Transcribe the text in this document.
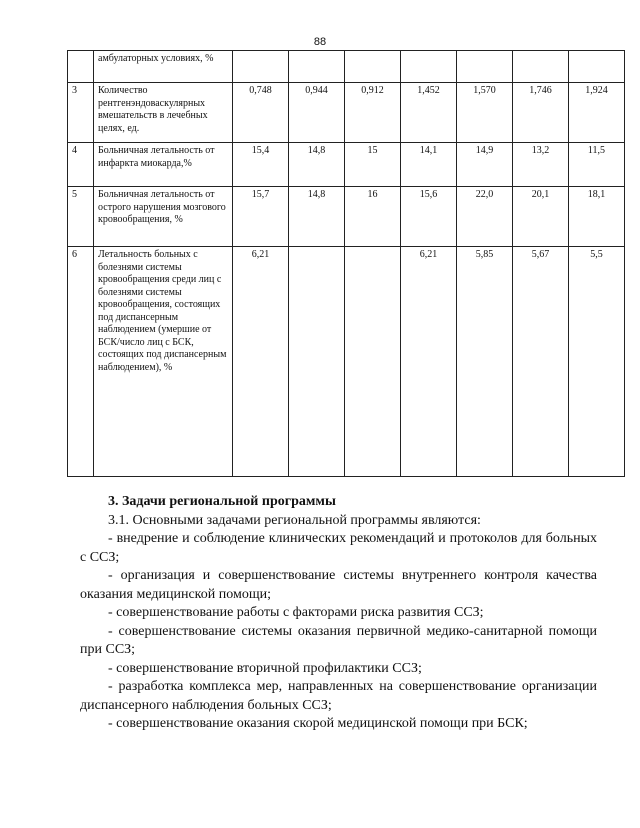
88
	амбулаторных условиях, %							
3	Количество рентгенэндоваскулярных вмешательств в лечебных целях, ед.	0,748	0,944	0,912	1,452	1,570	1,746	1,924
4	Больничная летальность от инфаркта миокарда,%	15,4	14,8	15	14,1	14,9	13,2	11,5
5	Больничная летальность от острого нарушения мозгового кровообращения, %	15,7	14,8	16	15,6	22,0	20,1	18,1
6	Летальность больных с болезнями системы кровообращения среди лиц с болезнями системы кровообращения, состоящих под диспансерным наблюдением (умершие от БСК/число лиц с БСК, состоящих под диспансерным наблюдением), %	6,21			6,21	5,85	5,67	5,5

3. Задачи региональной программы

3.1. Основными задачами региональной программы являются:

- внедрение и соблюдение клинических рекомендаций и протоколов для больных с ССЗ;

- организация и совершенствование системы внутреннего контроля качества оказания медицинской помощи;

- совершенствование работы с факторами риска развития ССЗ;

- совершенствование системы оказания первичной медико-санитарной помощи при ССЗ;

- совершенствование вторичной профилактики ССЗ;

- разработка комплекса мер, направленных на совершенствование организации диспансерного наблюдения больных ССЗ;

- совершенствование оказания скорой медицинской помощи при БСК;
